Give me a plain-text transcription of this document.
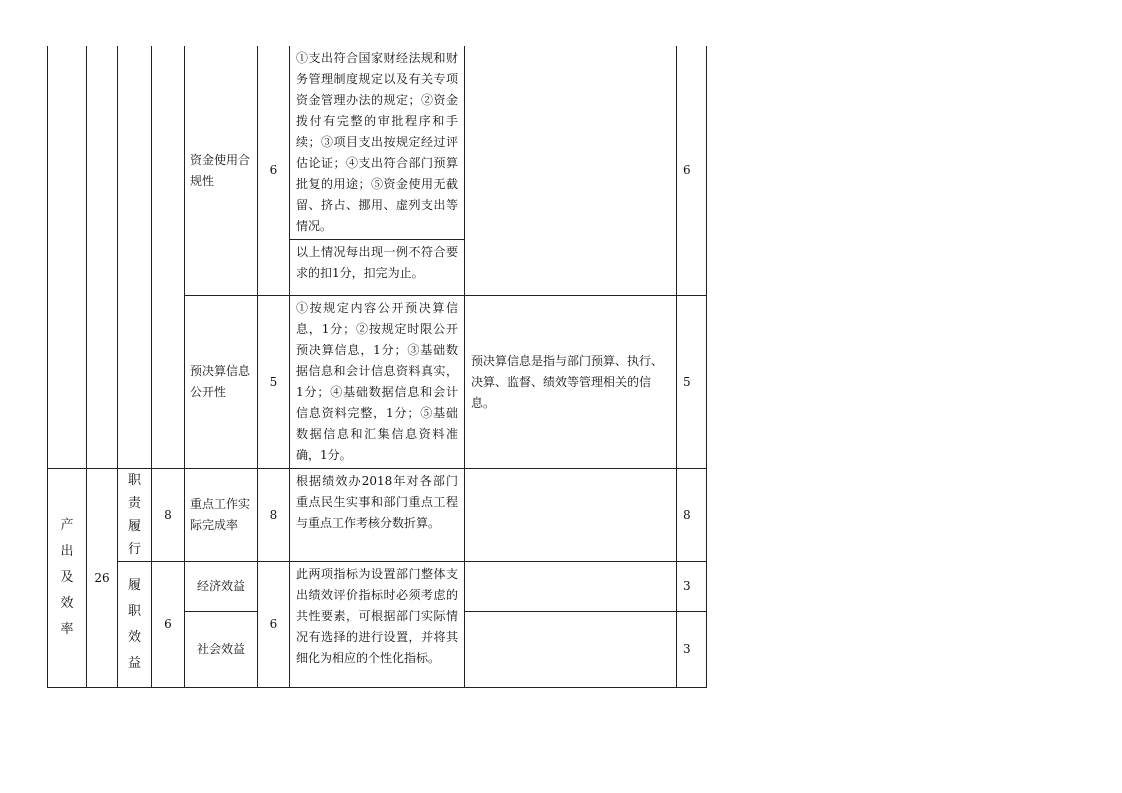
				资金使用合规性	6	①支出符合国家财经法规和财务管理制度规定以及有关专项资金管理办法的规定；②资金拨付有完整的审批程序和手续；③项目支出按规定经过评估论证；④支出符合部门预算批复的用途；⑤资金使用无截留、挤占、挪用、虚列支出等情况。		6
						以上情况每出现一例不符合要求的扣1分，扣完为止。		
				预决算信息公开性	5	①按规定内容公开预决算信息，1分；②按规定时限公开预决算信息，1分；③基础数据信息和会计信息资料真实，1分；④基础数据信息和会计信息资料完整，1分；⑤基础数据信息和汇集信息资料准确，1分。	预决算信息是指与部门预算、执行、决算、监督、绩效等管理相关的信息。	5

产出及效率	26	职责履行	8	重点工作实际完成率	8	根据绩效办2018年对各部门重点民生实事和部门重点工程与重点工作考核分数折算。		8

		履职效益	6	经济效益	6	此两项指标为设置部门整体支出绩效评价指标时必须考虑的共性要素，可根据部门实际情况有选择的进行设置，并将其细化为相应的个性化指标。		3
				社会效益				3
